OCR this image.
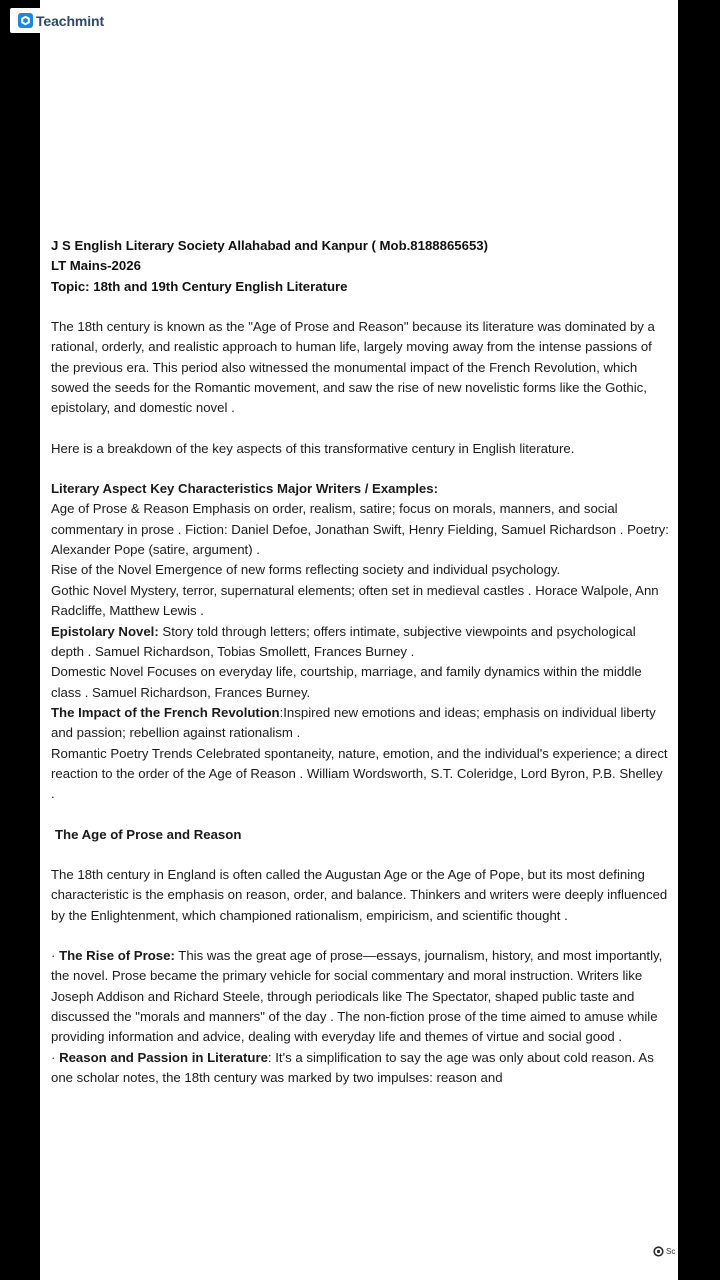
J S English Literary Society Allahabad and Kanpur ( Mob.8188865653)

LT Mains-2026

Topic: 18th and 19th Century English Literature

The 18th century is known as the "Age of Prose and Reason" because its literature was dominated by a rational, orderly, and realistic approach to human life, largely moving away from the intense passions of the previous era. This period also witnessed the monumental impact of the French Revolution, which sowed the seeds for the Romantic movement, and saw the rise of new novelistic forms like the Gothic, epistolary, and domestic novel .

Here is a breakdown of the key aspects of this transformative century in English literature.

Literary Aspect Key Characteristics Major Writers / Examples:

Age of Prose & Reason Emphasis on order, realism, satire; focus on morals, manners, and social commentary in prose . Fiction: Daniel Defoe, Jonathan Swift, Henry Fielding, Samuel Richardson . Poetry: Alexander Pope (satire, argument) .

Rise of the Novel Emergence of new forms reflecting society and individual psychology.

Gothic Novel Mystery, terror, supernatural elements; often set in medieval castles . Horace Walpole, Ann Radcliffe, Matthew Lewis .

Epistolary Novel: Story told through letters; offers intimate, subjective viewpoints and psychological depth . Samuel Richardson, Tobias Smollett, Frances Burney .

Domestic Novel Focuses on everyday life, courtship, marriage, and family dynamics within the middle class . Samuel Richardson, Frances Burney.

The Impact of the French Revolution:Inspired new emotions and ideas; emphasis on individual liberty and passion; rebellion against rationalism .

Romantic Poetry Trends Celebrated spontaneity, nature, emotion, and the individual's experience; a direct reaction to the order of the Age of Reason . William Wordsworth, S.T. Coleridge, Lord Byron, P.B. Shelley .

The Age of Prose and Reason

The 18th century in England is often called the Augustan Age or the Age of Pope, but its most defining characteristic is the emphasis on reason, order, and balance. Thinkers and writers were deeply influenced by the Enlightenment, which championed rationalism, empiricism, and scientific thought .

· The Rise of Prose: This was the great age of prose—essays, journalism, history, and most importantly, the novel. Prose became the primary vehicle for social commentary and moral instruction. Writers like Joseph Addison and Richard Steele, through periodicals like The Spectator, shaped public taste and discussed the "morals and manners" of the day . The non-fiction prose of the time aimed to amuse while providing information and advice, dealing with everyday life and themes of virtue and social good .

· Reason and Passion in Literature: It's a simplification to say the age was only about cold reason. As one scholar notes, the 18th century was marked by two impulses: reason and

Teachmint
Sc
